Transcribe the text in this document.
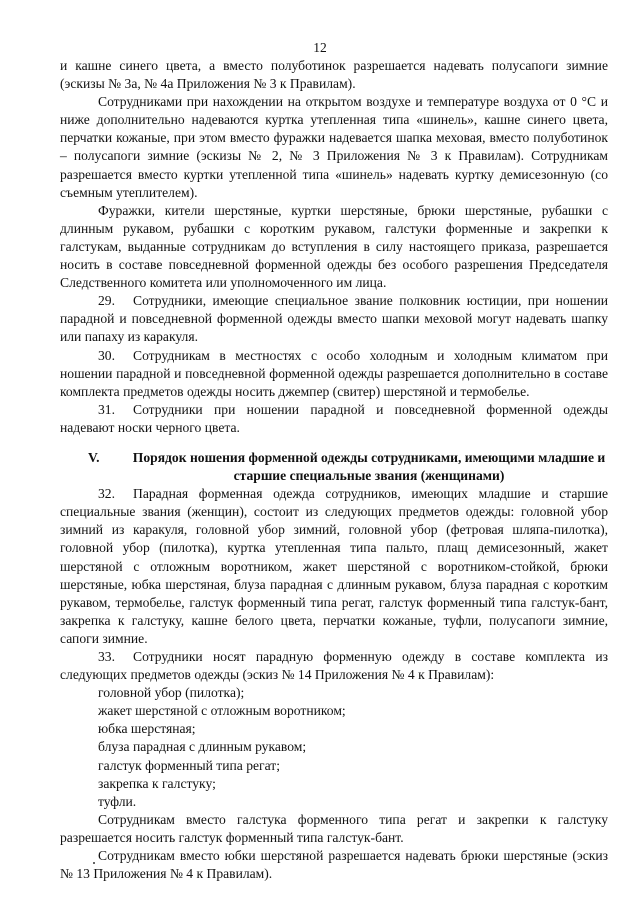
12

и кашне синего цвета, а вместо полуботинок разрешается надевать полусапоги зимние (эскизы № 3а, № 4а Приложения № 3 к Правилам).

Сотрудниками при нахождении на открытом воздухе и температуре воздуха от 0 °С и ниже дополнительно надеваются куртка утепленная типа «шинель», кашне синего цвета, перчатки кожаные, при этом вместо фуражки надевается шапка меховая, вместо полуботинок – полусапоги зимние (эскизы № 2, № 3 Приложения № 3 к Правилам). Сотрудникам разрешается вместо куртки утепленной типа «шинель» надевать куртку демисезонную (со съемным утеплителем).

Фуражки, кители шерстяные, куртки шерстяные, брюки шерстяные, рубашки с длинным рукавом, рубашки с коротким рукавом, галстуки форменные и закрепки к галстукам, выданные сотрудникам до вступления в силу настоящего приказа, разрешается носить в составе повседневной форменной одежды без особого разрешения Председателя Следственного комитета или уполномоченного им лица.

29. Сотрудники, имеющие специальное звание полковник юстиции, при ношении парадной и повседневной форменной одежды вместо шапки меховой могут надевать шапку или папаху из каракуля.

30. Сотрудникам в местностях с особо холодным и холодным климатом при ношении парадной и повседневной форменной одежды разрешается дополнительно в составе комплекта предметов одежды носить джемпер (свитер) шерстяной и термобелье.

31. Сотрудники при ношении парадной и повседневной форменной одежды надевают носки черного цвета.

V.	Порядок ношения форменной одежды сотрудниками, имеющими младшие и старшие специальные звания (женщинами)

32. Парадная форменная одежда сотрудников, имеющих младшие и старшие специальные звания (женщин), состоит из следующих предметов одежды: головной убор зимний из каракуля, головной убор зимний, головной убор (фетровая шляпа-пилотка), головной убор (пилотка), куртка утепленная типа пальто, плащ демисезонный, жакет шерстяной с отложным воротником, жакет шерстяной с воротником-стойкой, брюки шерстяные, юбка шерстяная, блуза парадная с длинным рукавом, блуза парадная с коротким рукавом, термобелье, галстук форменный типа регат, галстук форменный типа галстук-бант, закрепка к галстуку, кашне белого цвета, перчатки кожаные, туфли, полусапоги зимние, сапоги зимние.

33. Сотрудники носят парадную форменную одежду в составе комплекта из следующих предметов одежды (эскиз № 14 Приложения № 4 к Правилам):

головной убор (пилотка);
жакет шерстяной с отложным воротником;
юбка шерстяная;
блуза парадная с длинным рукавом;
галстук форменный типа регат;
закрепка к галстуку;
туфли.

Сотрудникам вместо галстука форменного типа регат и закрепки к галстуку разрешается носить галстук форменный типа галстук-бант.

Сотрудникам вместо юбки шерстяной разрешается надевать брюки шерстяные (эскиз № 13 Приложения № 4 к Правилам).
